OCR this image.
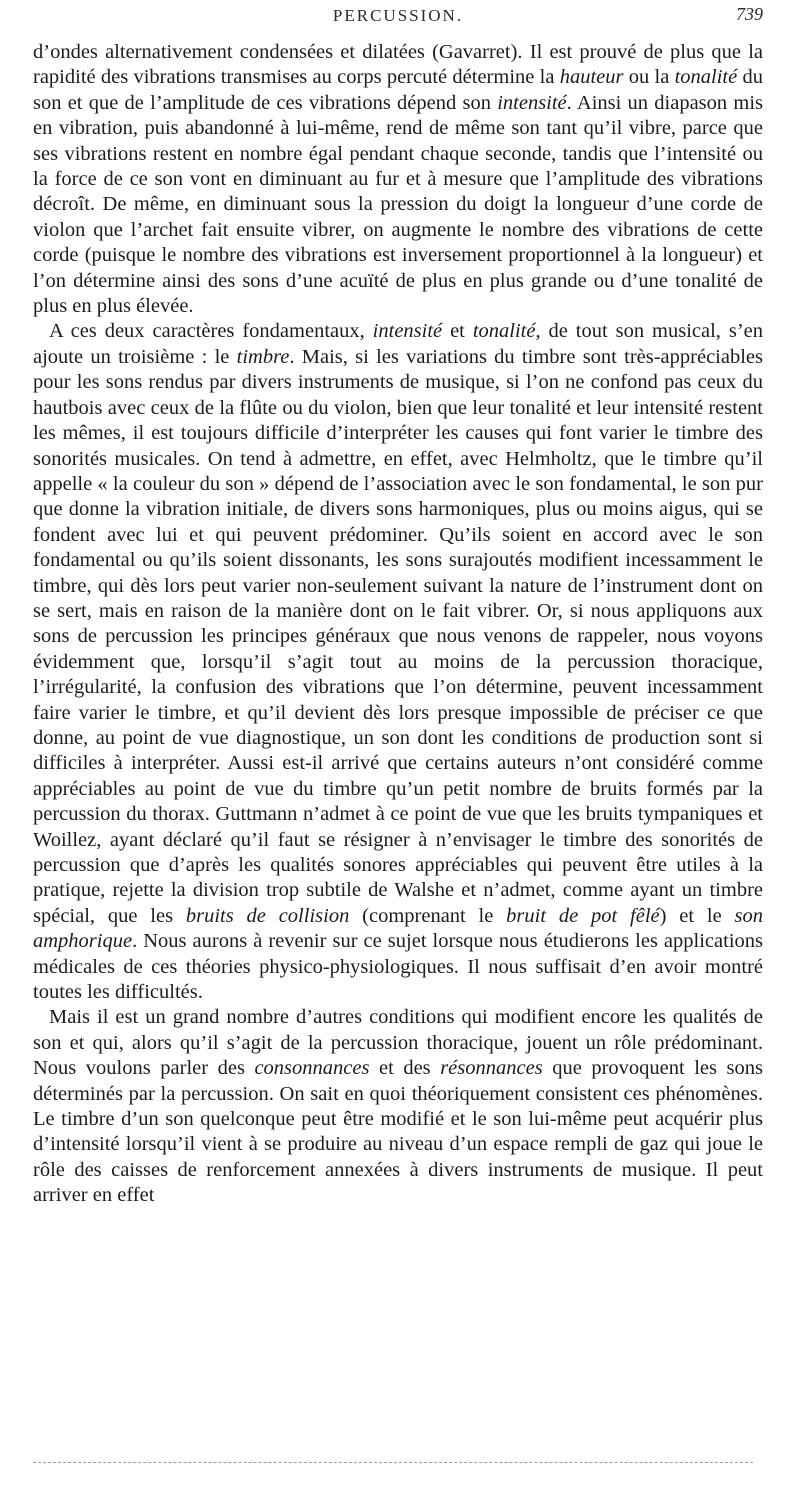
PERCUSSION.	739

d’ondes alternativement condensées et dilatées (Gavarret). Il est prouvé de plus que la rapidité des vibrations transmises au corps percuté détermine la hauteur ou la tonalité du son et que de l’amplitude de ces vibrations dépend son intensité. Ainsi un diapason mis en vibration, puis abandonné à lui-même, rend de même son tant qu’il vibre, parce que ses vibrations restent en nombre égal pendant chaque seconde, tandis que l’intensité ou la force de ce son vont en diminuant au fur et à mesure que l’amplitude des vibrations décroît. De même, en diminuant sous la pression du doigt la longueur d’une corde de violon que l’archet fait ensuite vibrer, on augmente le nombre des vibrations de cette corde (puisque le nombre des vibrations est inversement proportionnel à la longueur) et l’on détermine ainsi des sons d’une acuïté de plus en plus grande ou d’une tonalité de plus en plus élevée.

A ces deux caractères fondamentaux, intensité et tonalité, de tout son musical, s’en ajoute un troisième : le timbre. Mais, si les variations du timbre sont très-appréciables pour les sons rendus par divers instruments de musique, si l’on ne confond pas ceux du hautbois avec ceux de la flûte ou du violon, bien que leur tonalité et leur intensité restent les mêmes, il est toujours difficile d’interpréter les causes qui font varier le timbre des sonorités musicales. On tend à admettre, en effet, avec Helmholtz, que le timbre qu’il appelle « la couleur du son » dépend de l’association avec le son fondamental, le son pur que donne la vibration initiale, de divers sons harmoniques, plus ou moins aigus, qui se fondent avec lui et qui peuvent prédominer. Qu’ils soient en accord avec le son fondamental ou qu’ils soient dissonants, les sons surajoutés modifient incessamment le timbre, qui dès lors peut varier non-seulement suivant la nature de l’instrument dont on se sert, mais en raison de la manière dont on le fait vibrer. Or, si nous appliquons aux sons de percussion les principes généraux que nous venons de rappeler, nous voyons évidemment que, lorsqu’il s’agit tout au moins de la percussion thoracique, l’irrégularité, la confusion des vibrations que l’on détermine, peuvent incessamment faire varier le timbre, et qu’il devient dès lors presque impossible de préciser ce que donne, au point de vue diagnostique, un son dont les conditions de production sont si difficiles à interpréter. Aussi est-il arrivé que certains auteurs n’ont considéré comme appréciables au point de vue du timbre qu’un petit nombre de bruits formés par la percussion du thorax. Guttmann n’admet à ce point de vue que les bruits tympaniques et Woillez, ayant déclaré qu’il faut se résigner à n’envisager le timbre des sonorités de percussion que d’après les qualités sonores appréciables qui peuvent être utiles à la pratique, rejette la division trop subtile de Walshe et n’admet, comme ayant un timbre spécial, que les bruits de collision (comprenant le bruit de pot fêlé) et le son amphorique. Nous aurons à revenir sur ce sujet lorsque nous étudierons les applications médicales de ces théories physico-physiologiques. Il nous suffisait d’en avoir montré toutes les difficultés.

Mais il est un grand nombre d’autres conditions qui modifient encore les qualités de son et qui, alors qu’il s’agit de la percussion thoracique, jouent un rôle prédominant. Nous voulons parler des consonnances et des résonnances que provoquent les sons déterminés par la percussion. On sait en quoi théoriquement consistent ces phénomènes. Le timbre d’un son quelconque peut être modifié et le son lui-même peut acquérir plus d’intensité lorsqu’il vient à se produire au niveau d’un espace rempli de gaz qui joue le rôle des caisses de renforcement annexées à divers instruments de musique. Il peut arriver en effet
